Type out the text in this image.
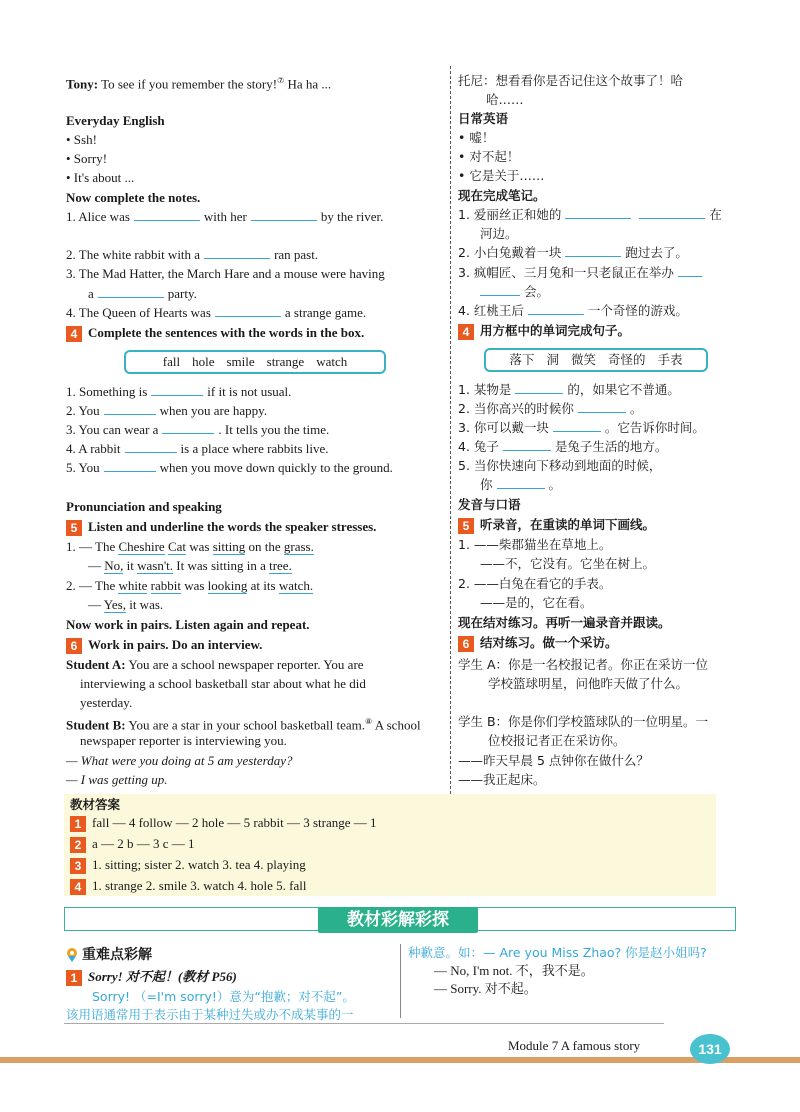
Tony: To see if you remember the story!⑦ Ha ha ...
Everyday English
• Ssh!
• Sorry!
• It's about ...
Now complete the notes.
1. Alice was	with her	by the river.
2. The white rabbit with a	ran past.
3. The Mad Hatter, the March Hare and a mouse were having
a	party.
4. The Queen of Hearts was	a strange game.
4 Complete the sentences with the words in the box.
fall hole smile strange watch
1. Something is	if it is not usual.
2. You	when you are happy.
3. You can wear a	. It tells you the time.
4. A rabbit	is a place where rabbits live.
5. You	when you move down quickly to the ground.
Pronunciation and speaking
5 Listen and underline the words the speaker stresses.
1. — The Cheshire Cat was sitting on the grass.
— No, it wasn't. It was sitting in a tree.
2. — The white rabbit was looking at its watch.
— Yes, it was.
Now work in pairs. Listen again and repeat.
6 Work in pairs. Do an interview.
Student A: You are a school newspaper reporter. You are
interviewing a school basketball star about what he did
yesterday.
Student B: You are a star in your school basketball team.⑧ A school
newspaper reporter is interviewing you.
— What were you doing at 5 am yesterday?
— I was getting up.
托尼：想看看你是否记住这个故事了！哈
哈……
日常英语
• 嘘！
• 对不起！
• 它是关于……
现在完成笔记。
1. 爱丽丝正和她的	在
河边。
2. 小白兔戴着一块	跑过去了。
3. 疯帽匠、三月兔和一只老鼠正在举办
会。
4. 红桃王后	一个奇怪的游戏。
4 用方框中的单词完成句子。
落下 洞 微笑 奇怪的 手表
1. 某物是	的，如果它不普通。
2. 当你高兴的时候你	。
3. 你可以戴一块	。它告诉你时间。
4. 兔子	是兔子生活的地方。
5. 当你快速向下移动到地面的时候，
你	。
发音与口语
5 听录音，在重读的单词下画线。
1. ——柴郡猫坐在草地上。
——不，它没有。它坐在树上。
2. ——白兔在看它的手表。
——是的，它在看。
现在结对练习。再听一遍录音并跟读。
6 结对练习。做一个采访。
学生 A：你是一名校报记者。你正在采访一位
学校篮球明星，问他昨天做了什么。
学生 B：你是你们学校篮球队的一位明星。一
位校报记者正在采访你。
——昨天早晨 5 点钟你在做什么？
——我正起床。
教材答案
1 fall — 4 follow — 2 hole — 5 rabbit — 3 strange — 1
2 a — 2 b — 3 c — 1
3 1. sitting; sister 2. watch 3. tea 4. playing
4 1. strange 2. smile 3. watch 4. hole 5. fall
教材彩解彩探
重难点彩解
1 Sorry! 对不起！(教材 P56)
Sorry! （=I'm sorry!）意为“抱歉；对不起”。
该用语通常用于表示由于某种过失或办不成某事的一
种歉意。如：— Are you Miss Zhao? 你是赵小姐吗?
— No, I'm not. 不，我不是。
— Sorry. 对不起。
Module 7 A famous story	131
